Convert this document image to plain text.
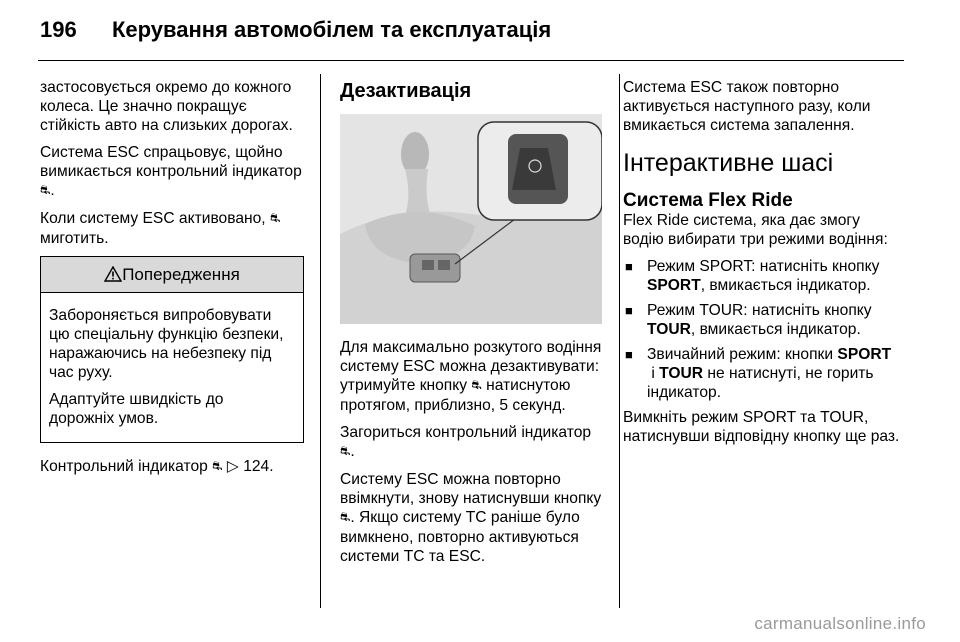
196 Керування автомобілем та експлуатація

застосовується окремо до кожного колеса. Це значно покращує стійкість авто на слизьких дорогах.

Система ESC спрацьовує, щойно вимикається контрольний індикатор ⛐.

Коли систему ESC активовано, ⛐ миготить.

Попередження

Забороняється випробовувати цю спеціальну функцію безпеки, наражаючись на небезпеку під час руху.

Адаптуйте швидкість до дорожніх умов.

Контрольний індикатор ⛐ ▷ 124.

Дезактивація

Для максимально розкутого водіння систему ESC можна дезактивувати: утримуйте кнопку ⛐ натиснутою протягом, приблизно, 5 секунд.

Загориться контрольний індикатор ⛐.

Систему ESC можна повторно ввімкнути, знову натиснувши кнопку ⛐. Якщо систему TC раніше було вимкнено, повторно активуються системи TC та ESC.

Система ESC також повторно активується наступного разу, коли вмикається система запалення.

Інтерактивне шасі
Система Flex Ride

Flex Ride система, яка дає змогу водію вибирати три режими водіння:

■ Режим SPORT: натисніть кнопку SPORT, вмикається індикатор.
■ Режим TOUR: натисніть кнопку TOUR, вмикається індикатор.
■ Звичайний режим: кнопки SPORT і TOUR не натиснуті, не горить індикатор.

Вимкніть режим SPORT та TOUR, натиснувши відповідну кнопку ще раз.

carmanualsonline.info
